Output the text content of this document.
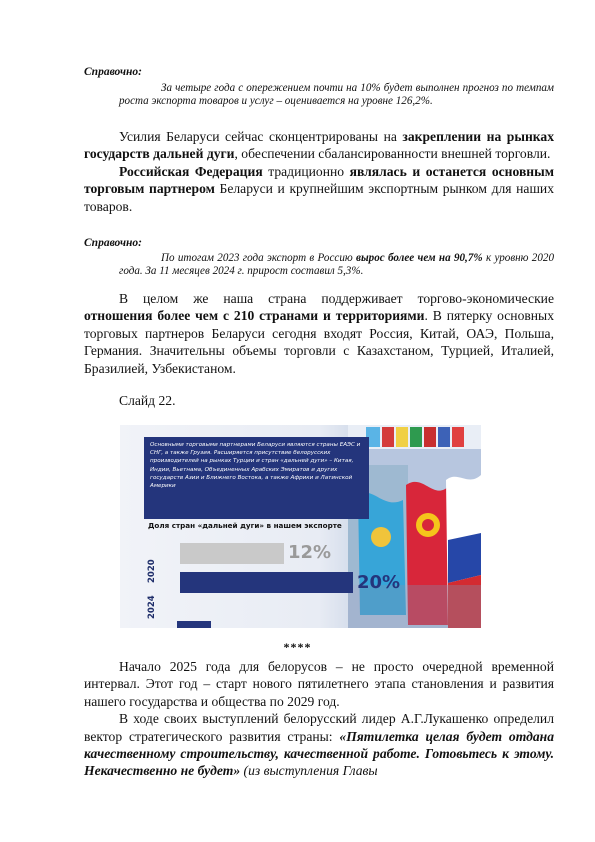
Справочно:

За четыре года с опережением почти на 10% будет выполнен прогноз по темпам роста экспорта товаров и услуг – оценивается на уровне 126,2%.

Усилия Беларуси сейчас сконцентрированы на закреплении на рынках государств дальней дуги, обеспечении сбалансированности внешней торговли.

Российская Федерация традиционно являлась и останется основным торговым партнером Беларуси и крупнейшим экспортным рынком для наших товаров.

Справочно:

По итогам 2023 года экспорт в Россию вырос более чем на 90,7% к уровню 2020 года. За 11 месяцев 2024 г. прирост составил 5,3%.

В целом же наша страна поддерживает торгово-экономические отношения более чем с 210 странами и территориями. В пятерку основных торговых партнеров Беларуси сегодня входят Россия, Китай, ОАЭ, Польша, Германия. Значительны объемы торговли с Казахстаном, Турцией, Италией, Бразилией, Узбекистаном.

Слайд 22.
Основными торговыми партнерами Беларуси являются страны ЕАЭС и СНГ, а также Грузия. Расширяется присутствие белорусских производителей на рынках Турции и стран «дальней дуги» – Китая, Индии, Вьетнама, Объединенных Арабских Эмиратов и других государств Азии и Ближнего Востока, а также Африки и Латинской Америки
Доля стран «дальней дуги» в нашем экспорте
2020
2024
12%
20%
****

Начало 2025 года для белорусов – не просто очередной временной интервал. Этот год – старт нового пятилетнего этапа становления и развития нашего государства и общества по 2029 год.

В ходе своих выступлений белорусский лидер А.Г.Лукашенко определил вектор стратегического развития страны: «Пятилетка целая будет отдана качественному строительству, качественной работе. Готовьтесь к этому. Некачественно не будет» (из выступления Главы
